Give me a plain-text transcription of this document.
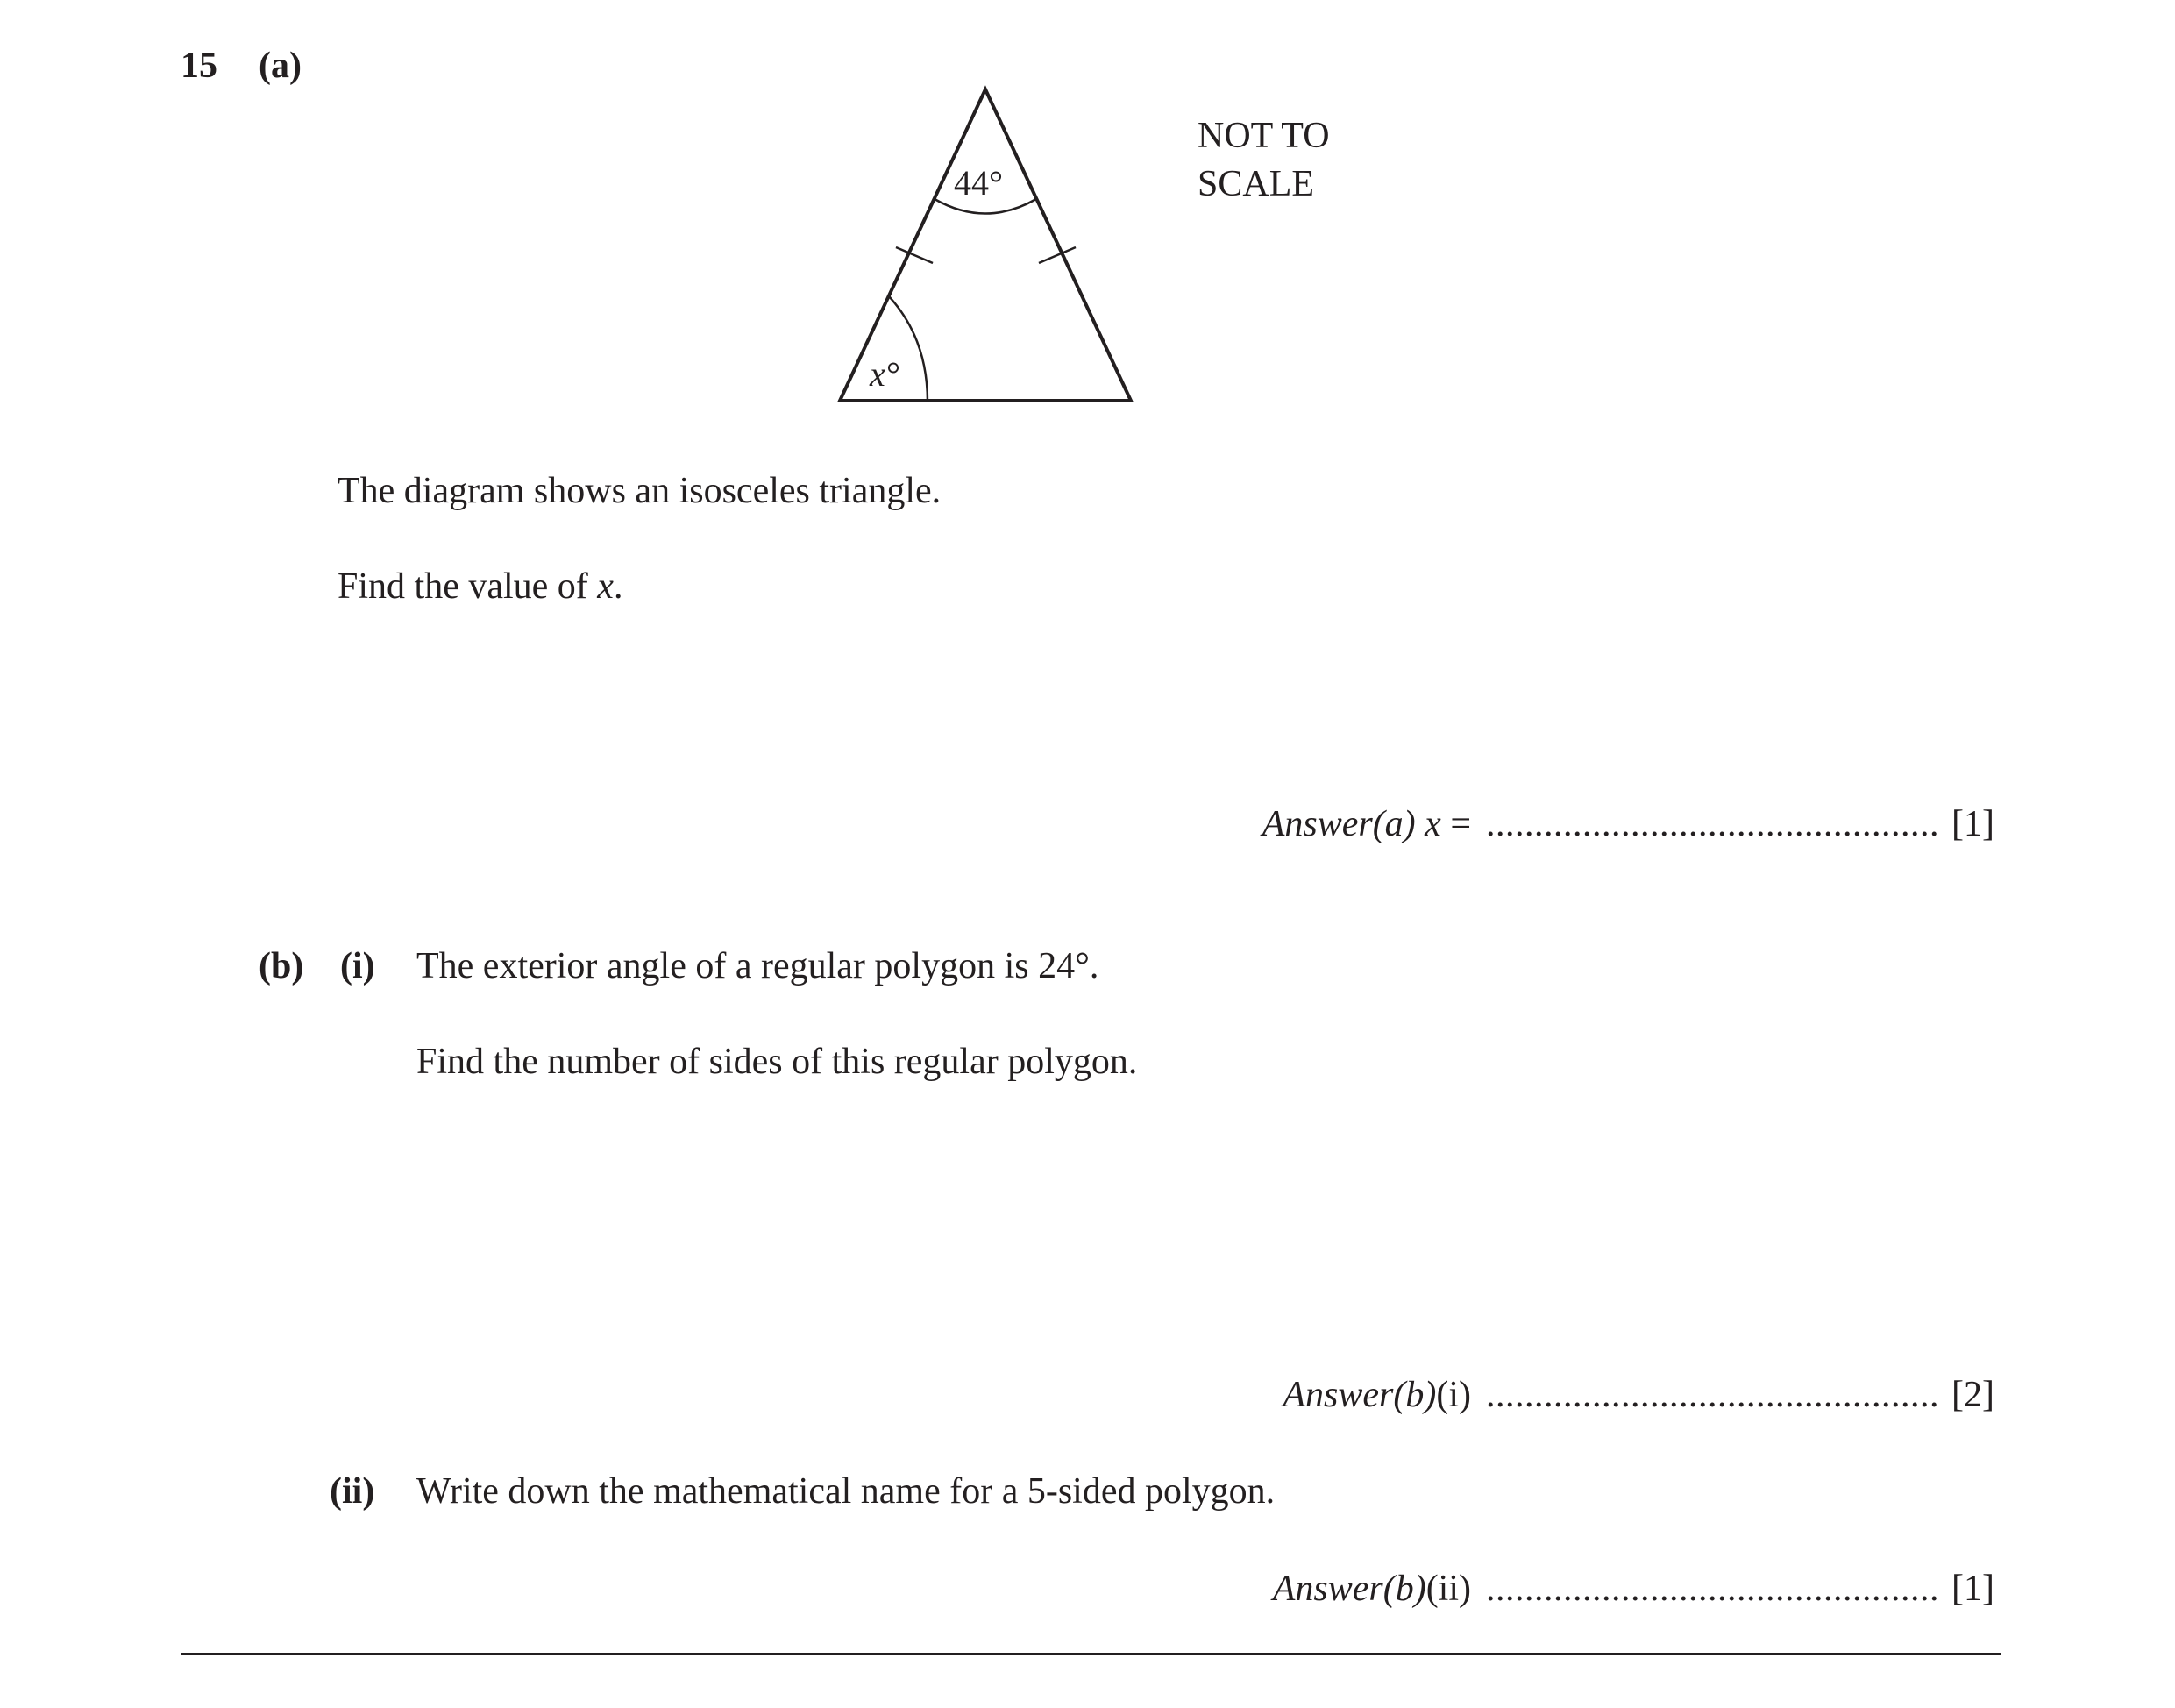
15 (a)
44°
x°
NOT TO
SCALE
The diagram shows an isosceles triangle.
Find the value of x.
Answer(a) x = ............................................... [1]
(b) (i) The exterior angle of a regular polygon is 24°.
Find the number of sides of this regular polygon.
Answer(b)(i) ............................................... [2]
(ii) Write down the mathematical name for a 5-sided polygon.
Answer(b)(ii) ............................................... [1]
